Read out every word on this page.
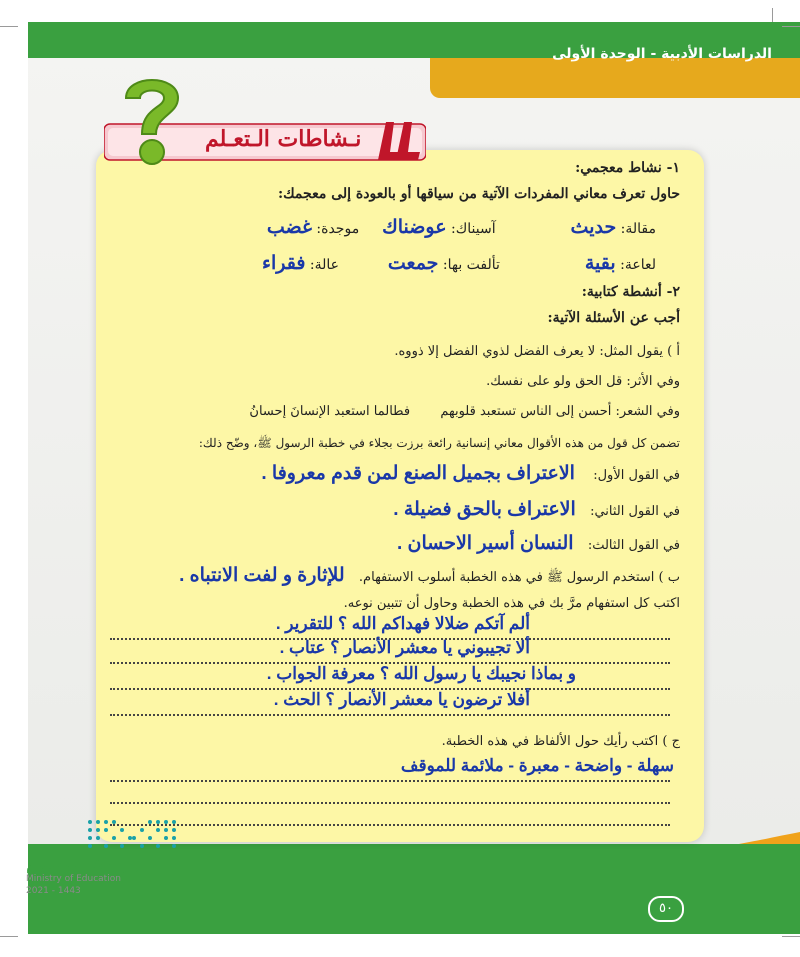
الدراسات الأدبية - الوحدة الأولى
نـشاطات الـتعـلم
١- نشاط معجمي:
حاول تعرف معاني المفردات الآتية من سياقها أو بالعودة إلى معجمك:
مقالة: حديث  آسيناك: عوضناك  موجدة: غضب
لعاعة: بقية  تألفت بها: جمعت  عالة: فقراء
٢- أنشطة كتابية:
أجب عن الأسئلة الآتية:
أ ) يقول المثل: لا يعرف الفضل لذوي الفضل إلا ذووه.
وفي الأثر: قل الحق ولو على نفسك.
وفي الشعر: أحسن إلى الناس تستعبد قلوبهم  فطالما استعبد الإنسانَ إحسانُ
تضمن كل قول من هذه الأقوال معاني إنسانية رائعة برزت بجلاء في خطبة الرسول ﷺ، وضّح ذلك:
في القول الأول:  الاعتراف بجميل الصنع لمن قدم معروفا .
في القول الثاني:  الاعتراف بالحق فضيلة .
في القول الثالث:  النسان أسير الاحسان .
ب ) استخدم الرسول ﷺ في هذه الخطبة أسلوب الاستفهام.  للإثارة و لفت الانتباه .
اكتب كل استفهام مرَّ بك في هذه الخطبة وحاول أن تتبين نوعه.
ألم آتكم ضلالا فهداكم الله ؟ للتقرير .
ألا تجيبوني يا معشر الأنصار ؟ عتاب .
و بماذا نجيبك يا رسول الله ؟ معرفة الجواب .
أفلا ترضون يا معشر الأنصار ؟ الحث .
ج ) اكتب رأيك حول الألفاظ في هذه الخطبة.
سهلة - واضحة - معبرة - ملائمة للموقف
وزارة التعـليم
Ministry of Education
2021 - 1443
٥٠
